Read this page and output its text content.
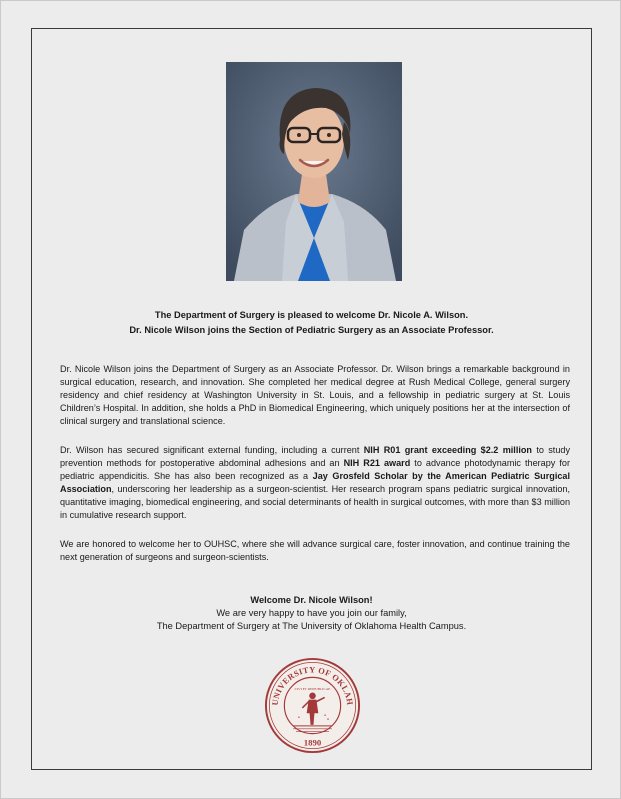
The Department of Surgery is pleased to welcome Dr. Nicole A. Wilson.
Dr. Nicole Wilson joins the Section of Pediatric Surgery as an Associate Professor.

Dr. Nicole Wilson joins the Department of Surgery as an Associate Professor. Dr. Wilson brings a remarkable background in surgical education, research, and innovation. She completed her medical degree at Rush Medical College, general surgery residency and chief residency at Washington University in St. Louis, and a fellowship in pediatric surgery at St. Louis Children’s Hospital. In addition, she holds a PhD in Biomedical Engineering, which uniquely positions her at the intersection of clinical surgery and translational science.

Dr. Wilson has secured significant external funding, including a current NIH R01 grant exceeding $2.2 million to study prevention methods for postoperative abdominal adhesions and an NIH R21 award to advance photodynamic therapy for pediatric appendicitis. She has also been recognized as a Jay Grosfeld Scholar by the American Pediatric Surgical Association, underscoring her leadership as a surgeon-scientist. Her research program spans pediatric surgical innovation, quantitative imaging, biomedical engineering, and social determinants of health in surgical outcomes, with more than $3 million in cumulative research support.

We are honored to welcome her to OUHSC, where she will advance surgical care, foster innovation, and continue training the next generation of surgeons and surgeon-scientists.

Welcome Dr. Nicole Wilson!
We are very happy to have you join our family,
The Department of Surgery at The University of Oklahoma Health Campus.
UNIVERSITY OF OKLAH
1890
CIVI ET REIPUBLICAE
